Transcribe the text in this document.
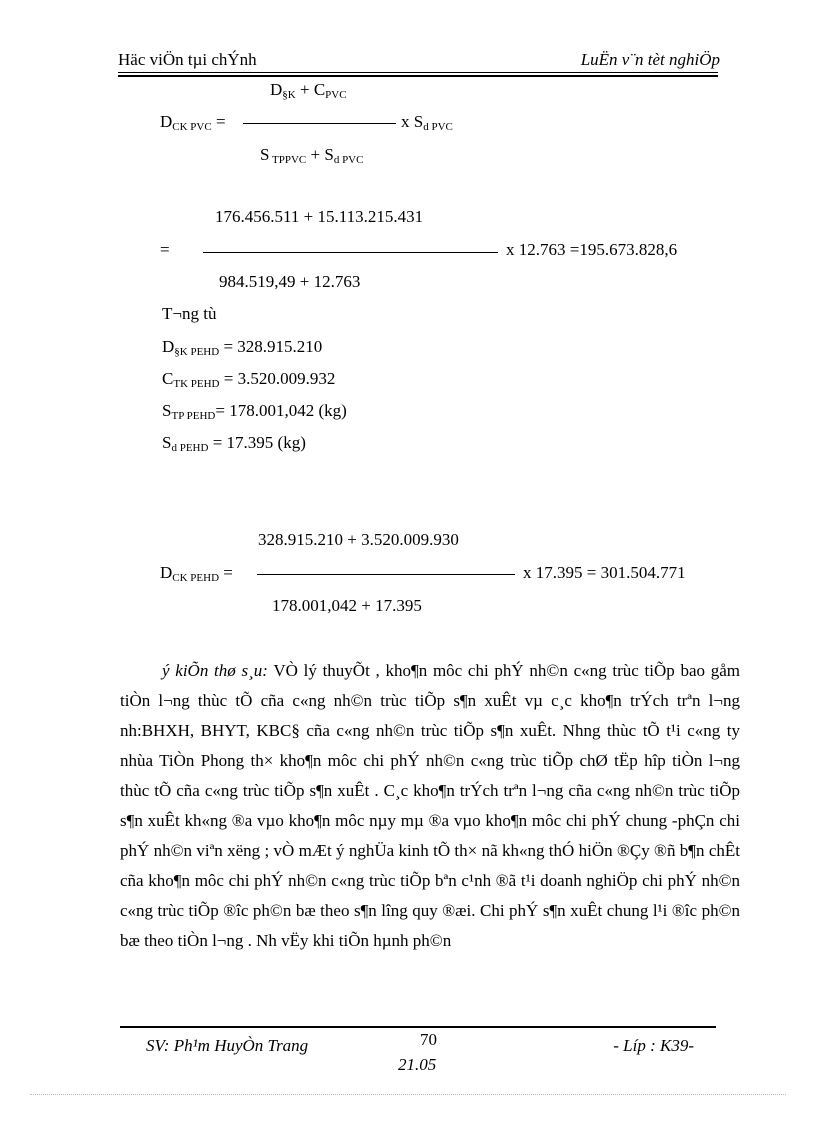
Häc viÖn tµi chÝnh	LuËn v¨n tèt nghiÖp
$D_{\S K} + C_{PVC}$
$D_{CK PVC}$ =	x $S_{d PVC}$
S $_{TPPVC} + S_{d PVC}$
176.456.511 + 15.113.215.431
=	x 12.763 =195.673.828,6
984.519,49 + 12.763
T¬ng tù
$D_{\S K PEHD} = 328.915.210$
$C_{TK PEHD} = 3.520.009.932$
$S_{TP PEHD}= 178.001,042$ (kg)
$S_{d PEHD} = 17.395$ (kg)
328.915.210 + 3.520.009.930
$D_{CK PEHD}$ =	x 17.395 = 301.504.771
178.001,042 + 17.395

ý kiÕn thø s¸u: VÒ lý thuyÕt , kho¶n môc chi phÝ nh©n c«ng trùc tiÕp bao gåm tiÒn l¬ng thùc tÕ cña c«ng nh©n trùc tiÕp s¶n xuÊt vµ c¸c kho¶n trÝch trªn l¬ng nh:BHXH, BHYT, KBC§ cña c«ng nh©n trùc tiÕp s¶n xuÊt. Nhng thùc tÕ t¹i c«ng ty nhùa TiÒn Phong th× kho¶n môc chi phÝ nh©n c«ng trùc tiÕp chØ tËp hîp tiÒn l¬ng thùc tÕ cña c«ng trùc tiÕp s¶n xuÊt . C¸c kho¶n trÝch trªn l¬ng cña c«ng nh©n trùc tiÕp s¶n xuÊt kh«ng ®a vµo kho¶n môc nµy mµ ®a vµo kho¶n môc chi phÝ chung -phÇn chi phÝ nh©n viªn xëng ; vÒ mÆt ý nghÜa kinh tÕ th× nã kh«ng thÓ hiÖn ®Çy ®ñ b¶n chÊt cña kho¶n môc chi phÝ nh©n c«ng trùc tiÕp bªn c¹nh ®ã t¹i doanh nghiÖp chi phÝ nh©n c«ng trùc tiÕp ®îc ph©n bæ theo s¶n lîng quy ®æi. Chi phÝ s¶n xuÊt chung l¹i ®îc ph©n bæ theo tiÒn l¬ng . Nh vËy khi tiÕn hµnh ph©n

SV: Ph¹m HuyÒn Trang	70	- Líp : K39-
21.05
